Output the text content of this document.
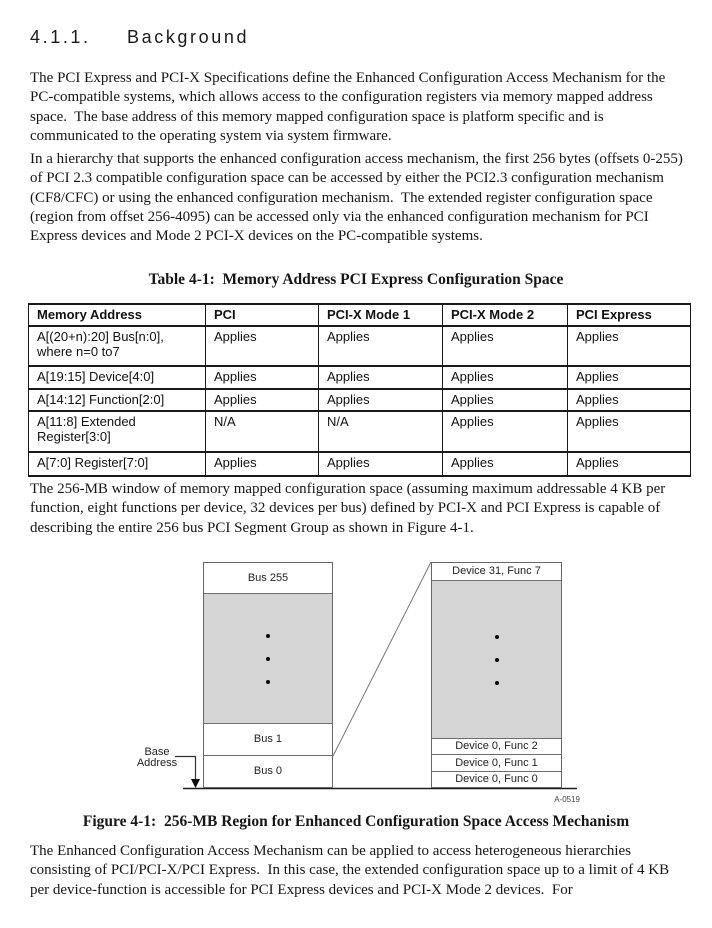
4.1.1. Background

The PCI Express and PCI-X Specifications define the Enhanced Configuration Access Mechanism for the PC-compatible systems, which allows access to the configuration registers via memory mapped address space.  The base address of this memory mapped configuration space is platform specific and is communicated to the operating system via system firmware.

In a hierarchy that supports the enhanced configuration access mechanism, the first 256 bytes (offsets 0-255) of PCI 2.3 compatible configuration space can be accessed by either the PCI2.3 configuration mechanism (CF8/CFC) or using the enhanced configuration mechanism.  The extended register configuration space (region from offset 256-4095) can be accessed only via the enhanced configuration mechanism for PCI Express devices and Mode 2 PCI-X devices on the PC-compatible systems.

Table 4-1:  Memory Address PCI Express Configuration Space
Memory Address	PCI	PCI-X Mode 1	PCI-X Mode 2	PCI Express
A[(20+n):20] Bus[n:0], where n=0 to7	Applies	Applies	Applies	Applies
A[19:15] Device[4:0]	Applies	Applies	Applies	Applies
A[14:12] Function[2:0]	Applies	Applies	Applies	Applies
A[11:8] Extended Register[3:0]	N/A	N/A	Applies	Applies
A[7:0] Register[7:0]	Applies	Applies	Applies	Applies

The 256-MB window of memory mapped configuration space (assuming maximum addressable 4 KB per function, eight functions per device, 32 devices per bus) defined by PCI-X and PCI Express is capable of describing the entire 256 bus PCI Segment Group as shown in Figure 4-1.

Bus 255
Bus 1
Bus 0
Device 31, Func 7
Device 0, Func 2
Device 0, Func 1
Device 0, Func 0
Base
Address
A-0519
Figure 4-1:  256-MB Region for Enhanced Configuration Space Access Mechanism

The Enhanced Configuration Access Mechanism can be applied to access heterogeneous hierarchies consisting of PCI/PCI-X/PCI Express.  In this case, the extended configuration space up to a limit of 4 KB per device-function is accessible for PCI Express devices and PCI-X Mode 2 devices.  For
